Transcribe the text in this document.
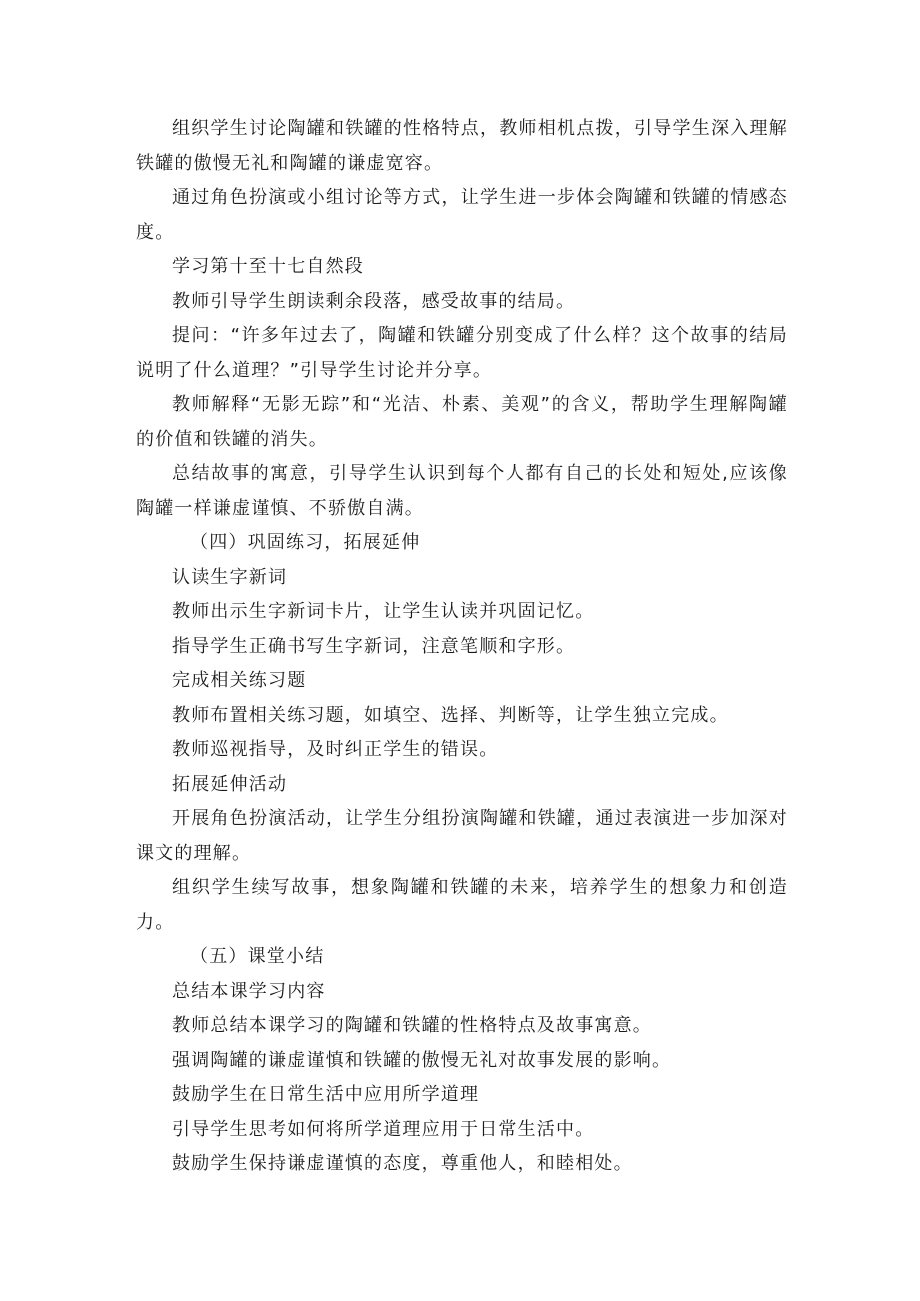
组织学生讨论陶罐和铁罐的性格特点，教师相机点拨，引导学生深入理解铁罐的傲慢无礼和陶罐的谦虚宽容。

通过角色扮演或小组讨论等方式，让学生进一步体会陶罐和铁罐的情感态度。

学习第十至十七自然段

教师引导学生朗读剩余段落，感受故事的结局。

提问：“许多年过去了，陶罐和铁罐分别变成了什么样？这个故事的结局说明了什么道理？”引导学生讨论并分享。

教师解释“无影无踪”和“光洁、朴素、美观”的含义，帮助学生理解陶罐的价值和铁罐的消失。

总结故事的寓意，引导学生认识到每个人都有自己的长处和短处,应该像陶罐一样谦虚谨慎、不骄傲自满。

（四）巩固练习，拓展延伸

认读生字新词

教师出示生字新词卡片，让学生认读并巩固记忆。

指导学生正确书写生字新词，注意笔顺和字形。

完成相关练习题

教师布置相关练习题，如填空、选择、判断等，让学生独立完成。

教师巡视指导，及时纠正学生的错误。

拓展延伸活动

开展角色扮演活动，让学生分组扮演陶罐和铁罐，通过表演进一步加深对课文的理解。

组织学生续写故事，想象陶罐和铁罐的未来，培养学生的想象力和创造力。

（五）课堂小结

总结本课学习内容

教师总结本课学习的陶罐和铁罐的性格特点及故事寓意。

强调陶罐的谦虚谨慎和铁罐的傲慢无礼对故事发展的影响。

鼓励学生在日常生活中应用所学道理

引导学生思考如何将所学道理应用于日常生活中。

鼓励学生保持谦虚谨慎的态度，尊重他人，和睦相处。
